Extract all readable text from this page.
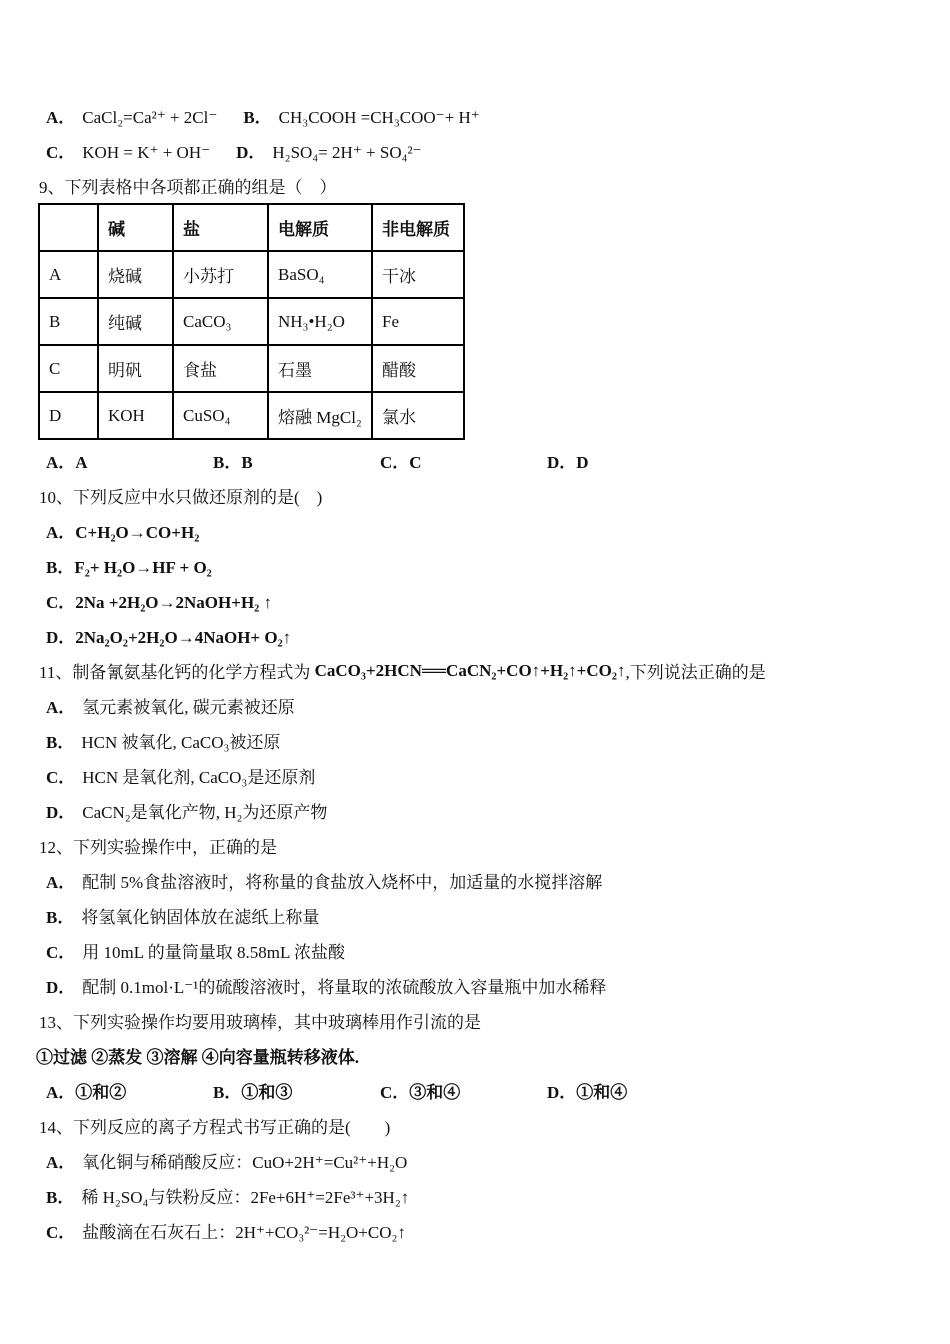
A． CaCl₂=Ca²⁺ + 2Cl⁻ B． CH₃COOH =CH₃COO⁻+ H⁺
C． KOH = K⁺ + OH⁻ D． H₂SO₄= 2H⁺ + SO₄²⁻
9、下列表格中各项都正确的组是（　）
	碱	盐	电解质	非电解质
A	烧碱	小苏打	BaSO₄	干冰
B	纯碱	CaCO₃	NH₃•H₂O	Fe
C	明矾	食盐	石墨	醋酸
D	KOH	CuSO₄	熔融 MgCl₂	氯水
A．A	B．B	C．C	D．D
10、下列反应中水只做还原剂的是(　)
A．C+H₂O→CO+H₂
B．F₂+ H₂O→HF + O₂
C．2Na +2H₂O→2NaOH+H₂ ↑
D．2Na₂O₂+2H₂O→4NaOH+ O₂↑
11、制备氰氨基化钙的化学方程式为 CaCO₃+2HCN══CaCN₂+CO↑+H₂↑+CO₂↑ ,下列说法正确的是
A． 氢元素被氧化, 碳元素被还原
B． HCN 被氧化, CaCO₃被还原
C． HCN 是氧化剂, CaCO₃是还原剂
D． CaCN₂是氧化产物, H₂为还原产物
12、下列实验操作中，正确的是
A． 配制 5%食盐溶液时，将称量的食盐放入烧杯中，加适量的水搅拌溶解
B． 将氢氧化钠固体放在滤纸上称量
C． 用 10mL 的量筒量取 8.58mL 浓盐酸
D． 配制 0.1mol·L⁻¹的硫酸溶液时，将量取的浓硫酸放入容量瓶中加水稀释
13、下列实验操作均要用玻璃棒，其中玻璃棒用作引流的是
①过滤 ②蒸发 ③溶解 ④向容量瓶转移液体.
A．①和②	B．①和③	C．③和④	D．①和④
14、下列反应的离子方程式书写正确的是(　　)
A． 氧化铜与稀硝酸反应：CuO+2H⁺=Cu²⁺+H₂O
B． 稀 H₂SO₄与铁粉反应：2Fe+6H⁺=2Fe³⁺+3H₂↑
C． 盐酸滴在石灰石上：2H⁺+CO₃²⁻=H₂O+CO₂↑
